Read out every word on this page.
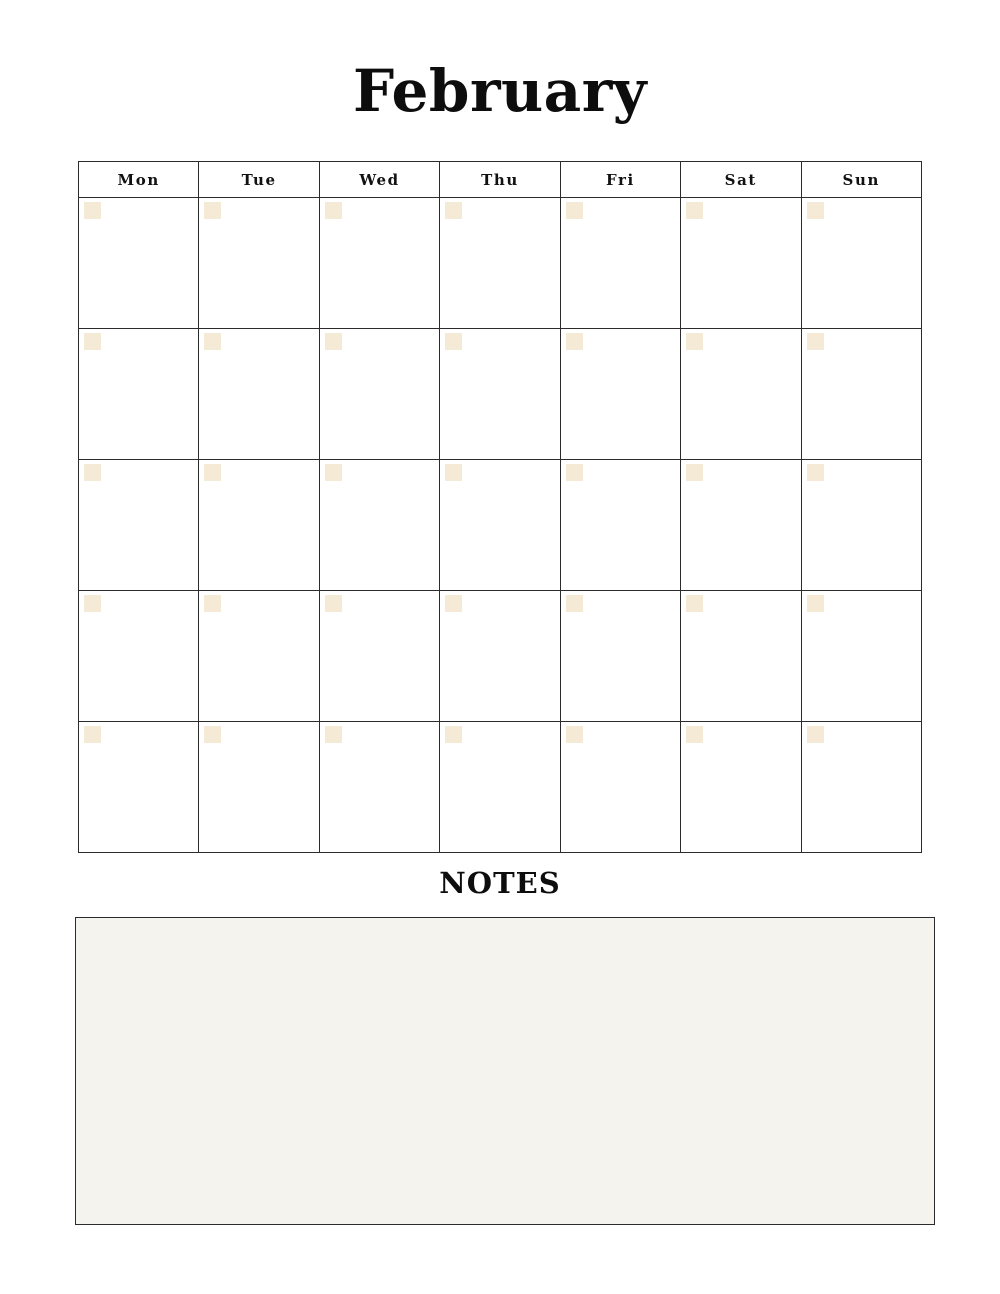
February
Mon	Tue	Wed	Thu	Fri	Sat	Sun
NOTES
